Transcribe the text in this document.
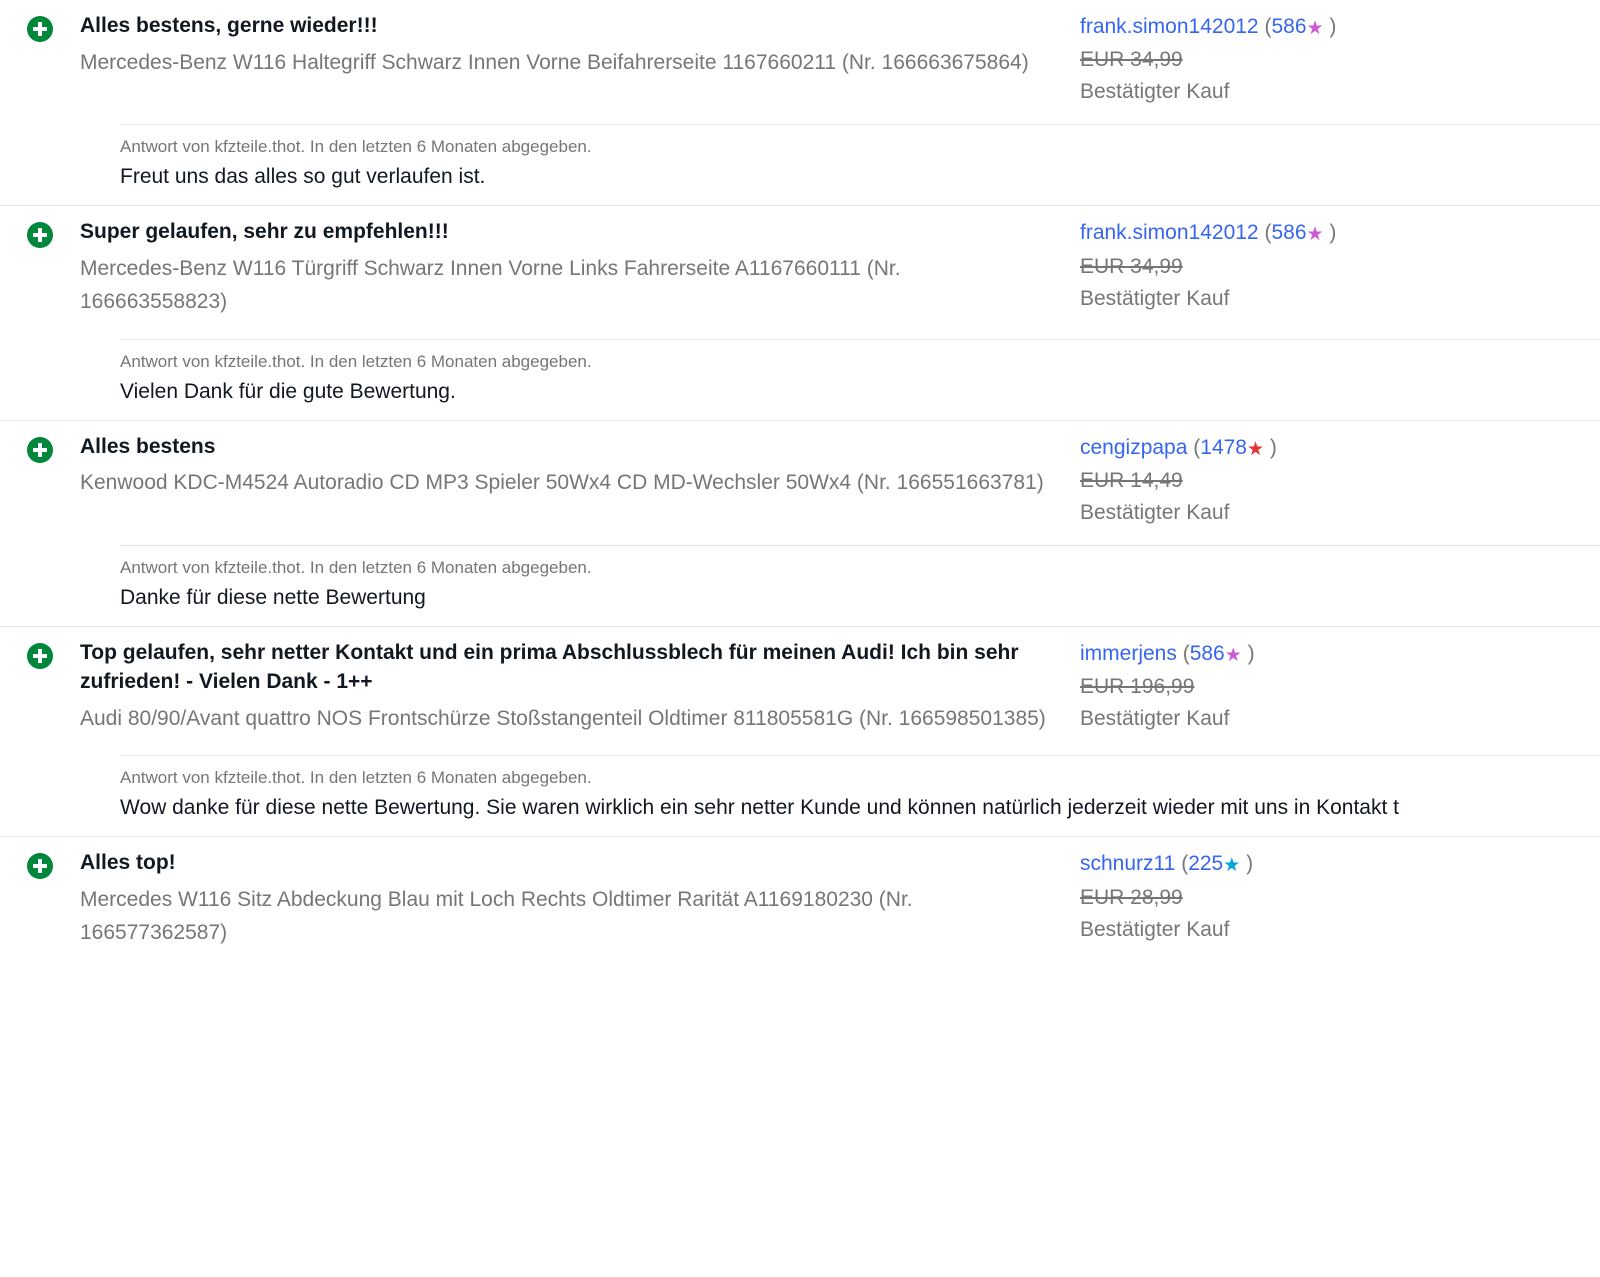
Alles bestens, gerne wieder!!!
Mercedes-Benz W116 Haltegriff Schwarz Innen Vorne Beifahrerseite 1167660211 (Nr. 166663675864)
frank.simon142012 (586★ )
EUR 34,99
Bestätigter Kauf
Antwort von kfzteile.thot. In den letzten 6 Monaten abgegeben.
Freut uns das alles so gut verlaufen ist.
Super gelaufen, sehr zu empfehlen!!!
Mercedes-Benz W116 Türgriff Schwarz Innen Vorne Links Fahrerseite A1167660111 (Nr. 166663558823)
frank.simon142012 (586★ )
EUR 34,99
Bestätigter Kauf
Antwort von kfzteile.thot. In den letzten 6 Monaten abgegeben.
Vielen Dank für die gute Bewertung.
Alles bestens
Kenwood KDC-M4524 Autoradio CD MP3 Spieler 50Wx4 CD MD-Wechsler 50Wx4 (Nr. 166551663781)
cengizpapa (1478★ )
EUR 14,49
Bestätigter Kauf
Antwort von kfzteile.thot. In den letzten 6 Monaten abgegeben.
Danke für diese nette Bewertung
Top gelaufen, sehr netter Kontakt und ein prima Abschlussblech für meinen Audi! Ich bin sehr zufrieden! - Vielen Dank - 1++
Audi 80/90/Avant quattro NOS Frontschürze Stoßstangenteil Oldtimer 811805581G (Nr. 166598501385)
immerjens (586★ )
EUR 196,99
Bestätigter Kauf
Antwort von kfzteile.thot. In den letzten 6 Monaten abgegeben.
Wow danke für diese nette Bewertung. Sie waren wirklich ein sehr netter Kunde und können natürlich jederzeit wieder mit uns in Kontakt t
Alles top!
Mercedes W116 Sitz Abdeckung Blau mit Loch Rechts Oldtimer Rarität A1169180230 (Nr. 166577362587)
schnurz11 (225★ )
EUR 28,99
Bestätigter Kauf
